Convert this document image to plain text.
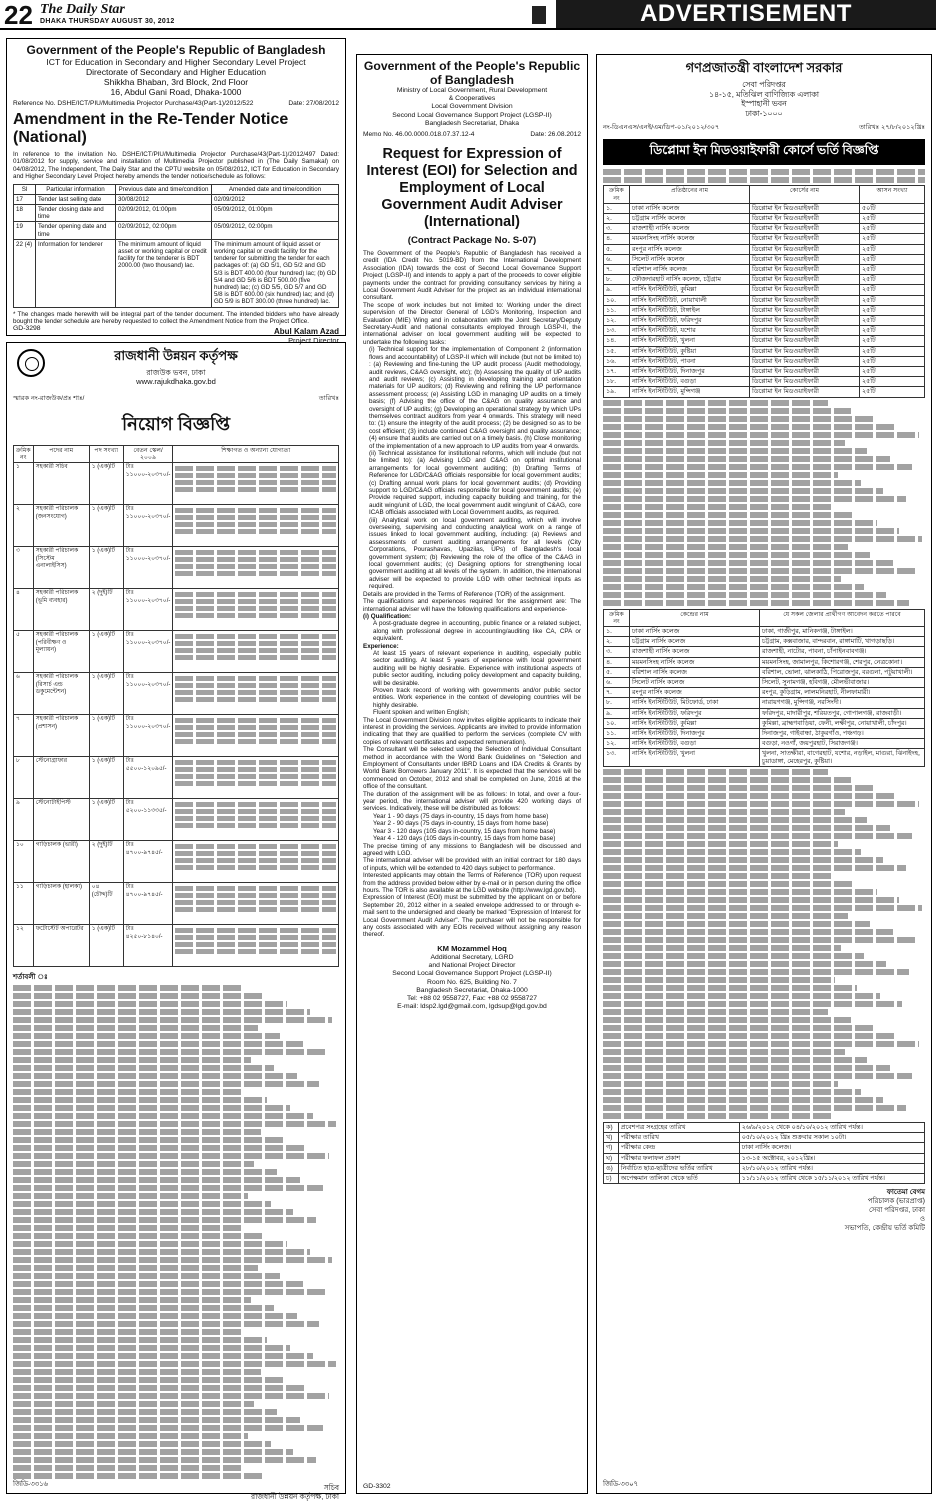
22 The Daily Star
DHAKA THURSDAY AUGUST 30, 2012	ADVERTISEMENT
Government of the People's Republic of Bangladesh
ICT for Education in Secondary and Higher Secondary Level Project
Directorate of Secondary and Higher Education
Shikkha Bhaban, 3rd Block, 2nd Floor
16, Abdul Gani Road, Dhaka-1000
Reference No. DSHE/ICT/PIU/Multimedia Projector Purchase/43(Part-1)/2012/522	Date: 27/08/2012
Amendment in the Re-Tender Notice (National)

In reference to the invitation No. DSHE/ICT/PIU/Multimedia Projector Purchase/43(Part-1)/2012/497 Dated: 01/08/2012 for supply, service and installation of Multimedia Projector published in (The Daily Samakal) on 04/08/2012, The Independent, The Daily Star and the CPTU website on 05/08/2012, ICT for Education in Secondary and Higher Secondary Level Project hereby amends the tender notice/schedule as follows:

Sl	Particular information	Previous date and time/condition	Amended date and time/condition
17	Tender last selling date	30/08/2012	02/09/2012
18	Tender closing date and time	02/09/2012, 01:00pm	05/09/2012, 01:00pm
19	Tender opening date and time	02/09/2012, 02:00pm	05/09/2012, 02:00pm
22 (4)	Information for tenderer	The minimum amount of liquid asset or working capital or credit facility for the tenderer is BDT 2000.00 (two thousand) lac.	The minimum amount of liquid asset or working capital or credit facility for the tenderer for submitting the tender for each packages of: (a) GD 5/1, GD 5/2 and GD 5/3 is BDT 400.00 (four hundred) lac; (b) GD 5/4 and GD 5/6 is BDT 500.00 (five hundred) lac; (c) GD 5/5, GD 5/7 and GD 5/8 is BDT 600.00 (six hundred) lac; and (d) GD 5/9 is BDT 300.00 (three hundred) lac.

* The changes made herewith will be integral part of the tender document. The intended bidders who have already bought the tender schedule are hereby requested to collect the Amendment Notice from the Project Office.

Abul Kalam Azad
Project Director
GD-3298
রাজধানী উন্নয়ন কর্তৃপক্ষ
রাজউক ভবন, ঢাকা
www.rajukdhaka.gov.bd
স্মারক নং-রাজউক/প্রঃ শাঃ/	তারিখঃ
নিয়োগ বিজ্ঞপ্তি
ক্রমিক নং	পদের নাম	পদ সংখ্যা	বেতন স্কেল/২০০৯	শিক্ষাগত ও অন্যান্য যোগ্যতা
১	সহকারী সচিব	১ (এক)টি	টাঃ ১১০০০-২০৩৭০/-	

২	সহকারী পরিচালক (জনসংযোগ)	১ (এক)টি	টাঃ ১১০০০-২০৩৭০/-	

৩	সহকারী পরিচালক (সিস্টেম এনালাইসিস)	১ (এক)টি	টাঃ ১১০০০-২০৩৭০/-	

৪	সহকারী পরিচালক (ভূমি ব্যবহার)	২ (দুই)টি	টাঃ ১১০০০-২০৩৭০/-	

৫	সহকারী পরিচালক (পরিবীক্ষণ ও মূল্যায়ন)	১ (এক)টি	টাঃ ১১০০০-২০৩৭০/-	

৬	সহকারী পরিচালক (রিসার্চ এন্ড ডকুমেন্টেশন)	১ (এক)টি	টাঃ ১১০০০-২০৩৭০/-	

৭	সহকারী পরিচালক (প্রশাসন)	১ (এক)টি	টাঃ ১১০০০-২০৩৭০/-	

৮	স্টেনোগ্রাফার	১ (এক)টি	টাঃ ৫৫০০-১২০৯৫/-	

৯	স্টেনোটাইপিস্ট	১ (এক)টি	টাঃ ৫২০০-১১৩৩৫/-	

১০	গাড়িচালক (ভারী)	২ (দুই)টি	টাঃ ৪৭০০-৯৭৪৫/-	

১১	গাড়িচালক (হালকা)	০৪ (চৌদ্দ)টি	টাঃ ৪৭০০-৯৭৪৫/-	

১২	ফটোস্টেট অপারেটর	১ (এক)টি	টাঃ ৪২৫০-৮১৪০/-	
শর্তাবলী ঃ
সচিব
রাজধানী উন্নয়ন কর্তৃপক্ষ, ঢাকা
জিডি-৩৩১৬
Government of the People's Republic of Bangladesh
Ministry of Local Government, Rural Development
& Cooperatives
Local Government Division
Second Local Governance Support Project (LGSP-II)
Bangladesh Secretariat, Dhaka
Memo No. 46.00.0000.018.07.37.12-4	Date: 26.08.2012
Request for Expression of Interest (EOI) for Selection and Employment of Local Government Audit Adviser (International)
(Contract Package No. S-07)

The Government of the People's Republic of Bangladesh has received a credit (IDA Credit No. 5019-BD) from the International Development Association (IDA) towards the cost of Second Local Governance Support Project (LGSP-II) and intends to apply a part of the proceeds to cover eligible payments under the contract for providing consultancy services by hiring a Local Government Audit Adviser for the project as an individual international consultant.

The scope of work includes but not limited to: Working under the direct supervision of the Director General of LGD's Monitoring, Inspection and Evaluation (MIE) Wing and in collaboration with the Joint Secretary/Deputy Secretary-Audit and national consultants employed through LGSP-II, the international adviser on local government auditing will be expected to undertake the following tasks:

(i) Technical support for the implementation of Component 2 (information flows and accountability) of LGSP-II which will include (but not be limited to) : (a) Reviewing and fine-tuning the UP audit process (Audit methodology, audit reviews, C&AG oversight, etc); (b) Assessing the quality of UP audits and audit reviews; (c) Assisting in developing training and orientation materials for UP auditors; (d) Reviewing and refining the UP performance assessment process; (e) Assisting LGD in managing UP audits on a timely basis; (f) Advising the office of the C&AG on quality assurance and oversight of UP audits; (g) Developing an operational strategy by which UPs themselves contract auditors from year 4 onwards. This strategy will need to: (1) ensure the integrity of the audit process; (2) be designed so as to be cost efficient; (3) include continued C&AG oversight and quality assurance; (4) ensure that audits are carried out on a timely basis. (h) Close monitoring of the implementation of a new approach to UP audits from year 4 onwards.

(ii) Technical assistance for institutional reforms, which will include (but not be limited to): (a) Advising LGD and C&AG on optimal institutional arrangements for local government auditing; (b) Drafting Terms of Reference for LGD/C&AG officials responsible for local government audits; (c) Drafting annual work plans for local government audits; (d) Providing support to LGD/C&AG officials responsible for local government audits; (e) Provide required support, including capacity building and training, for the audit wing/unit of LGD, the local government audit wing/unit of C&AG, core ICAB officials associated with Local Government audits, as required.

(iii) Analytical work on local government auditing, which will involve overseeing, supervising and conducting analytical work on a range of issues linked to local government auditing, including: (a) Reviews and assessments of current auditing arrangements for all levels (City Corporations, Pourashavas, Upazilas, UPs) of Bangladesh's local government system; (b) Reviewing the role of the office of the C&AG in local government audits; (c) Designing options for strengthening local government auditing at all levels of the system. In addition, the international adviser will be expected to provide LGD with other technical inputs as required.

Details are provided in the Terms of Reference (TOR) of the assignment.

The qualifications and experiences required for the assignment are: The international adviser will have the following qualifications and experience-

(i) Qualification:

A post-graduate degree in accounting, public finance or a related subject, along with professional degree in accounting/auditing like CA, CPA or equivalent.

Experience:

At least 15 years of relevant experience in auditing, especially public sector auditing. At least 5 years of experience with local government auditing will be highly desirable. Experience with institutional aspects of public sector auditing, including policy development and capacity building, will be desirable.

Proven track record of working with governments and/or public sector entities. Work experience in the context of developing countries will be highly desirable.

Fluent spoken and written English;

The Local Government Division now invites eligible applicants to indicate their interest in providing the services. Applicants are invited to provide information indicating that they are qualified to perform the services (complete CV with copies of relevant certificates and expected remuneration).

The Consultant will be selected using the Selection of Individual Consultant method in accordance with the World Bank Guidelines on "Selection and Employment of Consultants under IBRD Loans and IDA Credits & Grants by World Bank Borrowers January 2011". It is expected that the services will be commenced on October, 2012 and shall be completed on June, 2016 at the office of the consultant.

The duration of the assignment will be as follows: In total, and over a four-year period, the international adviser will provide 420 working days of services. Indicatively, these will be distributed as follows:

Year 1 - 90 days (75 days in-country, 15 days from home base)

Year 2 - 90 days (75 days in-country, 15 days from home base)

Year 3 - 120 days (105 days in-country, 15 days from home base)

Year 4 - 120 days (105 days in-country, 15 days from home base)

The precise timing of any missions to Bangladesh will be discussed and agreed with LGD.

The international adviser will be provided with an initial contract for 180 days of inputs, which will be extended to 420 days subject to performance.

Interested applicants may obtain the Terms of Reference (TOR) upon request from the address provided below either by e-mail or in person during the office hours. The TOR is also available at the LGD website (http://www.lgd.gov.bd).

Expression of Interest (EOI) must be submitted by the applicant on or before September 20, 2012 either in a sealed envelope addressed to or through e-mail sent to the undersigned and clearly be marked "Expression of Interest for Local Government Audit Adviser". The purchaser will not be responsible for any costs associated with any EOIs received without assigning any reason thereof.

KM Mozammel Hoq
Additional Secretary, LGRD
and National Project Director
Second Local Governance Support Project (LGSP-II)
Room No. 625, Building No. 7
Bangladesh Secretariat, Dhaka-1000
Tel: +88 02 9558727, Fax: +88 02 9558727
E-mail: ldsp2.lgd@gmail.com, lgdsup@lgd.gov.bd
GD-3302
গণপ্রজাতন্ত্রী বাংলাদেশ সরকার
সেবা পরিদপ্তর
১৪-১৫, মতিঝিল বাণিজ্যিক এলাকা
ইস্পাহানী ভবন
ঢাকা-১০০০
নং-ডিএনএস/এনই/এম/ডিপ-০১/২০১২/৩০৭	তারিখঃ ২৭/৮/২০১২খ্রিঃ
ডিপ্লোমা ইন মিডওয়াইফারী কোর্সে ভর্তি বিজ্ঞপ্তি
ক্রমিক নং	প্রতিষ্ঠানের নাম	কোর্সের নাম	আসন সংখ্যা
১.	ঢাকা নার্সিং কলেজ	ডিপ্লোমা ইন মিডওয়াইফারী	৫০টি
২.	চট্টগ্রাম নার্সিং কলেজ	ডিপ্লোমা ইন মিডওয়াইফারী	২৫টি
৩.	রাজশাহী নার্সিং কলেজ	ডিপ্লোমা ইন মিডওয়াইফারী	২৫টি
৪.	ময়মনসিংহ নার্সিং কলেজ	ডিপ্লোমা ইন মিডওয়াইফারী	২৫টি
৫.	রংপুর নার্সিং কলেজ	ডিপ্লোমা ইন মিডওয়াইফারী	২৫টি
৬.	সিলেট নার্সিং কলেজ	ডিপ্লোমা ইন মিডওয়াইফারী	২৫টি
৭.	বরিশাল নার্সিং কলেজ	ডিপ্লোমা ইন মিডওয়াইফারী	২৫টি
৮.	ফৌজদারহাট নার্সিং কলেজ, চট্টগ্রাম	ডিপ্লোমা ইন মিডওয়াইফারী	২৫টি
৯.	নার্সিং ইনস্টিটিউট, কুমিল্লা	ডিপ্লোমা ইন মিডওয়াইফারী	২৫টি
১০.	নার্সিং ইনস্টিটিউট, নোয়াখালী	ডিপ্লোমা ইন মিডওয়াইফারী	২৫টি
১১.	নার্সিং ইনস্টিটিউট, টাঙ্গাইল	ডিপ্লোমা ইন মিডওয়াইফারী	২৫টি
১২.	নার্সিং ইনস্টিটিউট, ফরিদপুর	ডিপ্লোমা ইন মিডওয়াইফারী	২৫টি
১৩.	নার্সিং ইনস্টিটিউট, যশোর	ডিপ্লোমা ইন মিডওয়াইফারী	২৫টি
১৪.	নার্সিং ইনস্টিটিউট, খুলনা	ডিপ্লোমা ইন মিডওয়াইফারী	২৫টি
১৫.	নার্সিং ইনস্টিটিউট, কুষ্টিয়া	ডিপ্লোমা ইন মিডওয়াইফারী	২৫টি
১৬.	নার্সিং ইনস্টিটিউট, পাবনা	ডিপ্লোমা ইন মিডওয়াইফারী	২৫টি
১৭.	নার্সিং ইনস্টিটিউট, দিনাজপুর	ডিপ্লোমা ইন মিডওয়াইফারী	২৫টি
১৮.	নার্সিং ইনস্টিটিউট, বগুড়া	ডিপ্লোমা ইন মিডওয়াইফারী	২৫টি
১৯.	নার্সিং ইনস্টিটিউট, মুন্সিগঞ্জ	ডিপ্লোমা ইন মিডওয়াইফারী	২৫টি
ক্রমিক নং	কেন্দ্রের নাম	যে সকল জেলার প্রার্থীগণ আবেদন করতে পারবে
১.	ঢাকা নার্সিং কলেজ	ঢাকা, গাজীপুর, মানিকগঞ্জ, টাঙ্গাইল।
২.	চট্টগ্রাম নার্সিং কলেজ	চট্টগ্রাম, কক্সবাজার, বান্দরবান, রাঙ্গামাটি, খাগড়াছড়ি।
৩.	রাজশাহী নার্সিং কলেজ	রাজশাহী, নাটোর, পাবনা, চাঁপাইনবাবগঞ্জ।
৪.	ময়মনসিংহ নার্সিং কলেজ	ময়মনসিংহ, জামালপুর, কিশোরগঞ্জ, শেরপুর, নেত্রকোনা।
৫.	বরিশাল নার্সিং কলেজ	বরিশাল, ভোলা, ঝালকাঠি, পিরোজপুর, বরগুনা, পটুয়াখালী।
৬.	সিলেট নার্সিং কলেজ	সিলেট, সুনামগঞ্জ, হবিগঞ্জ, মৌলভীবাজার।
৭.	রংপুর নার্সিং কলেজ	রংপুর, কুড়িগ্রাম, লালমনিরহাট, নীলফামারী।
৮.	নার্সিং ইনস্টিটিউট, মিটফোর্ড, ঢাকা	নারায়ণগঞ্জ, মুন্সিগঞ্জ, নরসিংদী।
৯.	নার্সিং ইনস্টিটিউট, ফরিদপুর	ফরিদপুর, মাদারীপুর, শরিয়তপুর, গোপালগঞ্জ, রাজবাড়ী।
১০.	নার্সিং ইনস্টিটিউট, কুমিল্লা	কুমিল্লা, ব্রাহ্মণবাড়িয়া, ফেনী, লক্ষীপুর, নোয়াখালী, চাঁদপুর।
১১.	নার্সিং ইনস্টিটিউট, দিনাজপুর	দিনাজপুর, গাইবান্ধা, ঠাকুরগাঁও, পঞ্চগড়।
১২.	নার্সিং ইনস্টিটিউট, বগুড়া	বগুড়া, নওগাঁ, জয়পুরহাট, সিরাজগঞ্জ।
১৩.	নার্সিং ইনস্টিটিউট, খুলনা	খুলনা, সাতক্ষীরা, বাগেরহাট, যশোর, নড়াইল, মাগুরা, ঝিনাইদহ, চুয়াডাঙ্গা, মেহেরপুর, কুষ্টিয়া।
ক)	প্রবেশপত্র সংগ্রহের তারিখ	২৬/৯/২০১২ থেকে ০৪/১০/২০১২ তারিখ পর্যন্ত।
খ)	পরীক্ষার তারিখ	০৫/১০/২০১২ খ্রিঃ শুক্রবার সকাল ১০টা।
গ)	পরীক্ষার কেন্দ্র	ঢাকা নার্সিং কলেজ।
ঘ)	পরীক্ষার ফলাফল প্রকাশ	১৩-১৫ অক্টোবর, ২০১২খ্রিঃ।
ঙ)	নির্বাচিত ছাত্র-ছাত্রীদের ভর্তির তারিখ	২৮/১০/২০১২ তারিখ পর্যন্ত।
চ)	অপেক্ষমান তালিকা থেকে ভর্তি	১১/১১/২০১২ তারিখ থেকে ১৫/১১/২০১২ তারিখ পর্যন্ত।
ফাতেমা বেগম
পরিচালক (ভারপ্রাপ্ত)
সেবা পরিদপ্তর, ঢাকা
ও
সভাপতি, কেন্দ্রীয় ভর্তি কমিটি
জিডি-৩৩০৭
